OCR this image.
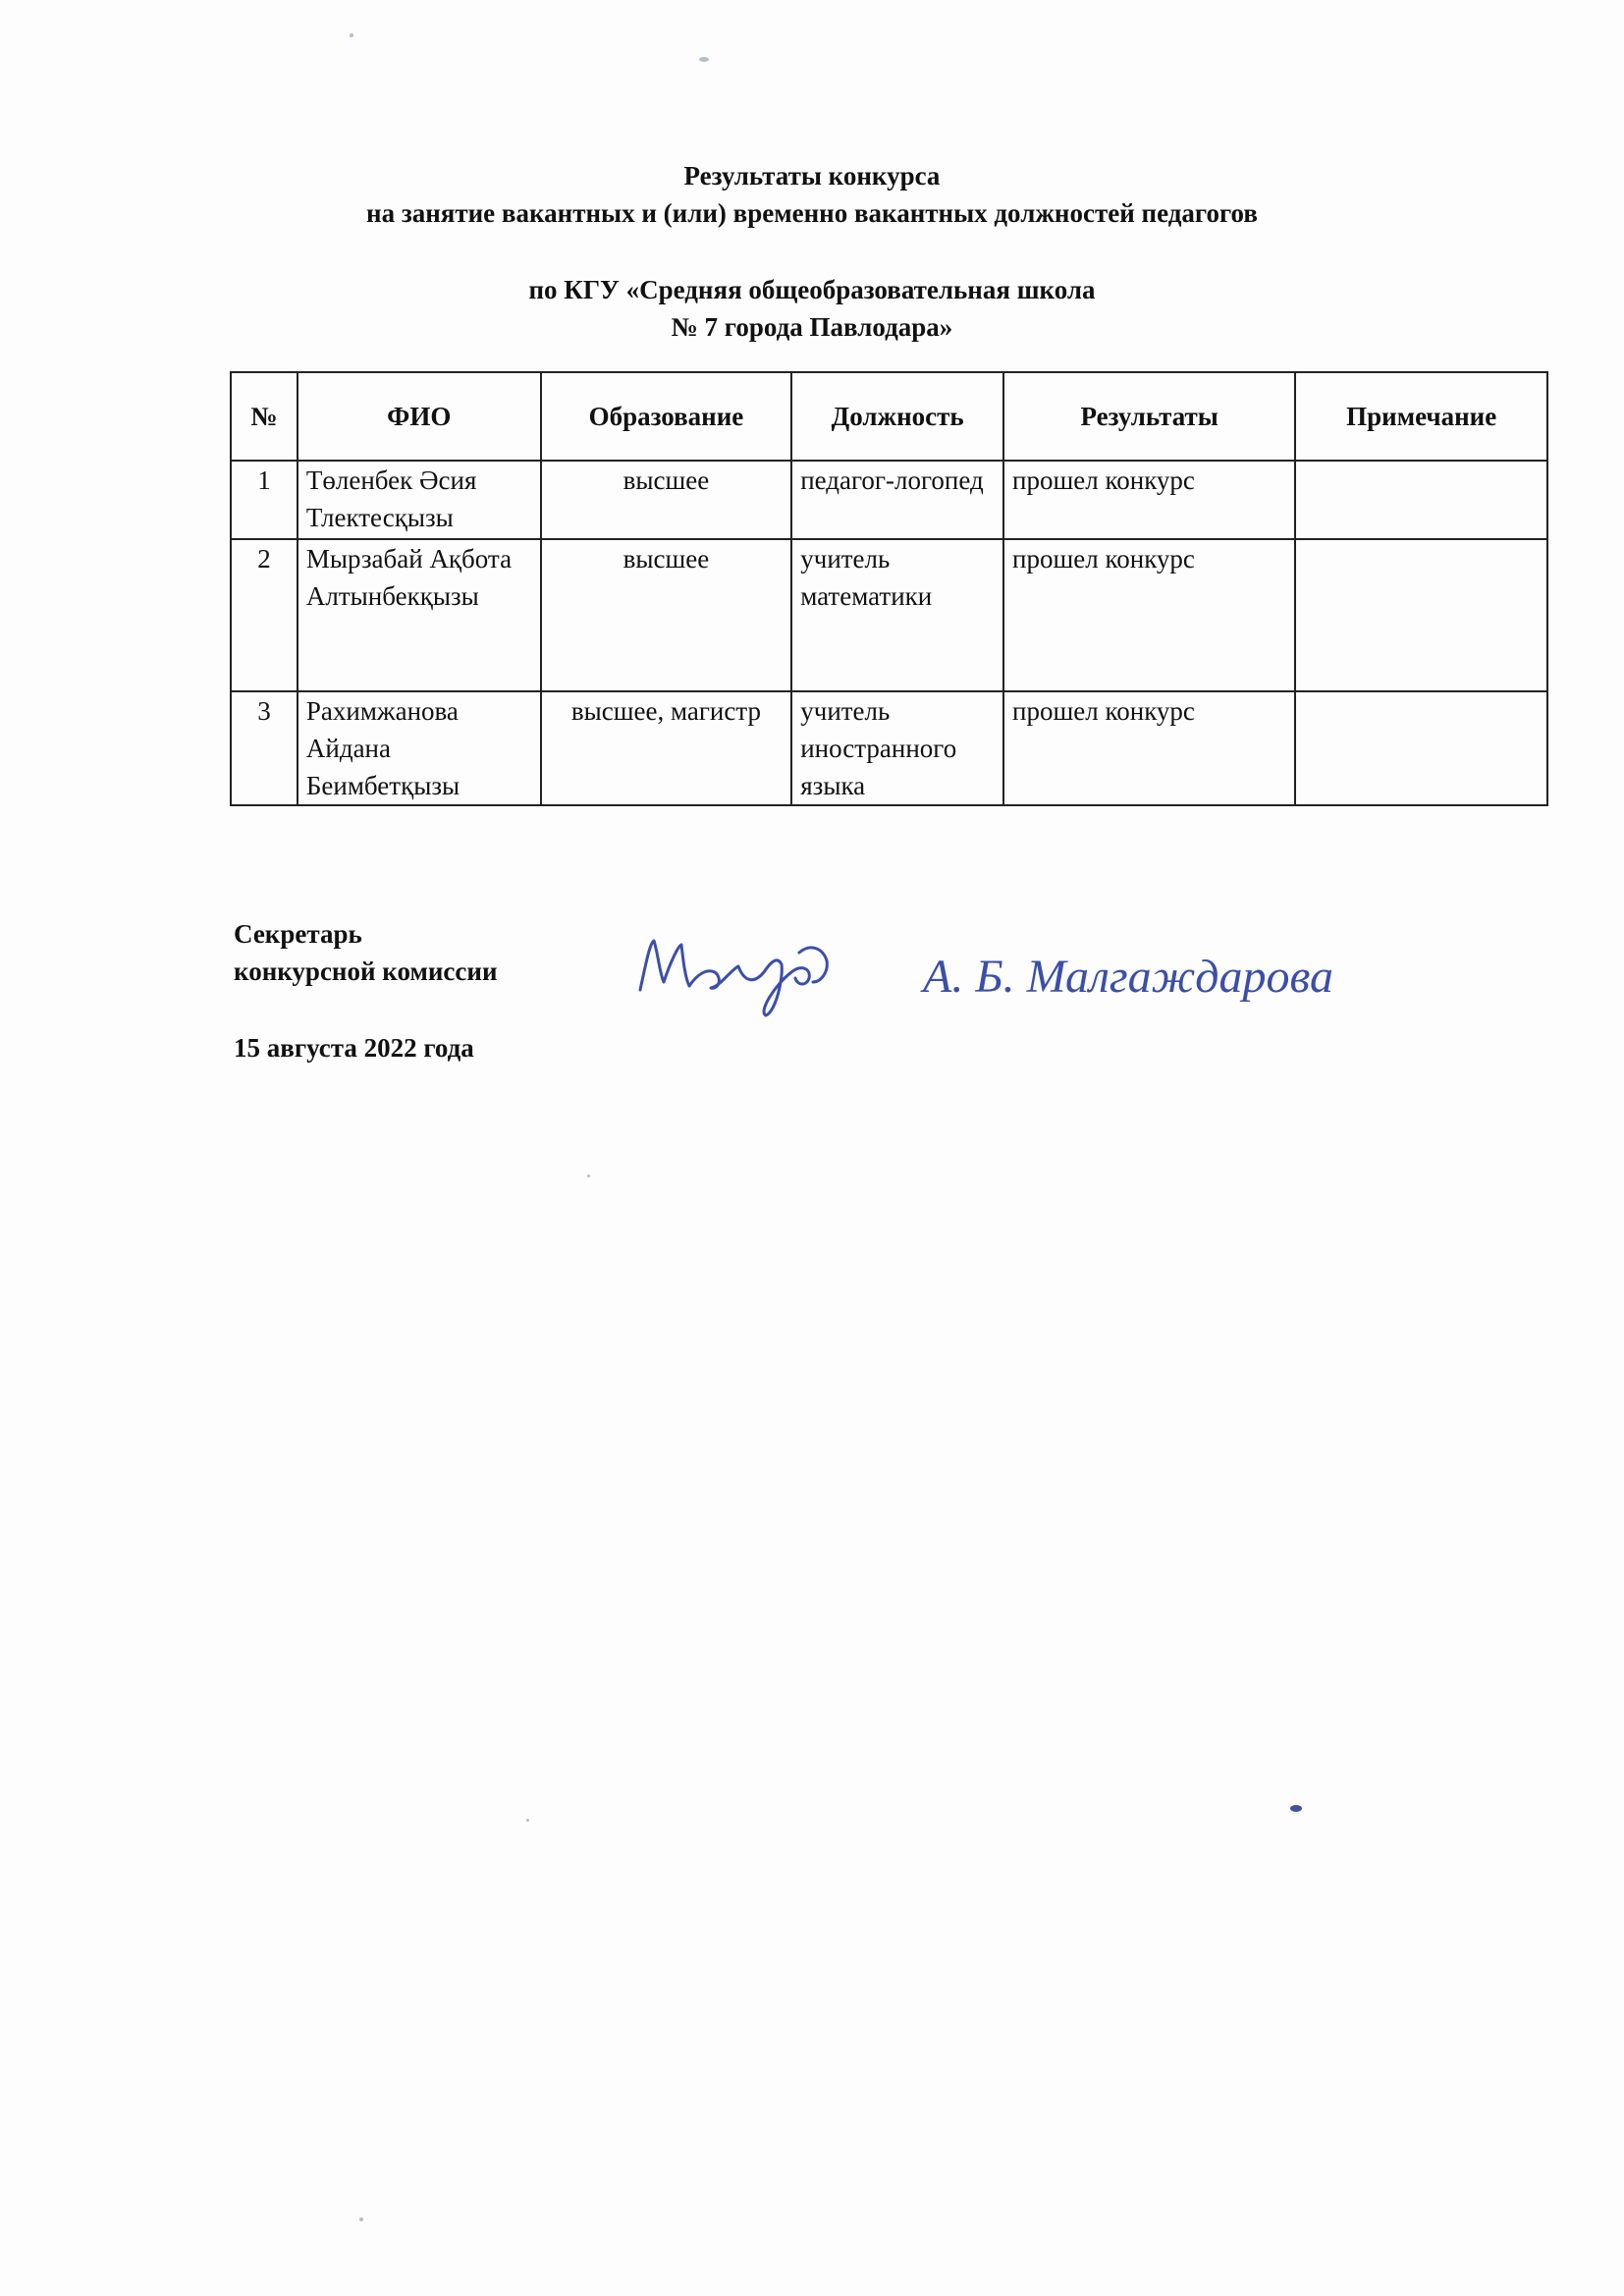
Результаты конкурса
на занятие вакантных и (или) временно вакантных должностей педагогов
по КГУ «Средняя общеобразовательная школа
№ 7 города Павлодара»
№	ФИО	Образование	Должность	Результаты	Примечание
1	Төленбек Әсия Тлектесқызы	высшее	педагог-логопед	прошел конкурс	
2	Мырзабай Ақбота Алтынбекқызы	высшее	учитель математики	прошел конкурс	
3	Рахимжанова Айдана Беимбетқызы	высшее, магистр	учитель иностранного языка	прошел конкурс	
Секретарь
конкурсной комиссии	А. Б. Малгаждарова
15 августа 2022 года
